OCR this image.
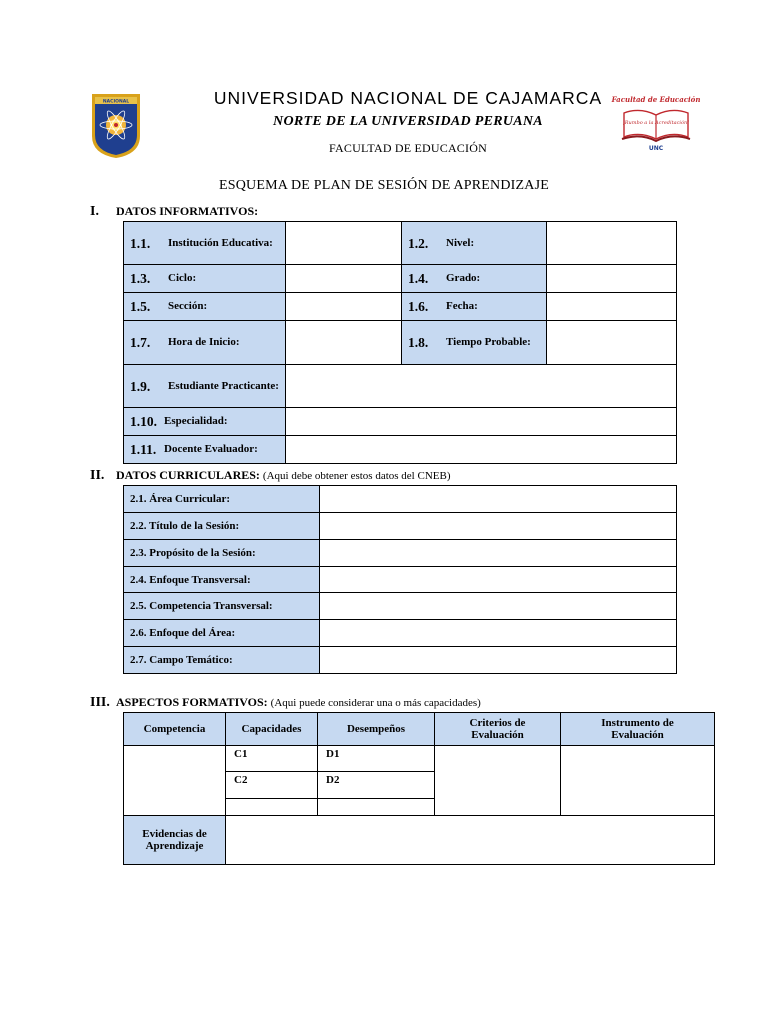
NACIONAL	Facultad de Educación
¡Rumbo a la Acreditación!
UNC
UNIVERSIDAD NACIONAL DE CAJAMARCA
NORTE DE LA UNIVERSIDAD PERUANA
FACULTAD DE EDUCACIÓN
ESQUEMA DE PLAN DE SESIÓN DE APRENDIZAJE
I. DATOS INFORMATIVOS:
1.1. Institución Educativa:		1.2. Nivel:	

1.3. Ciclo:		1.4. Grado:	

1.5. Sección:		1.6. Fecha:	

1.7. Hora de Inicio:		1.8. Tiempo Probable:	

1.9. Estudiante Practicante:			

1.10. Especialidad:			

1.11. Docente Evaluador:			

II. DATOS CURRICULARES: (Aqui debe obtener estos datos del CNEB)
2.1. Área Curricular:	
2.2. Título de la Sesión:	
2.3. Propósito de la Sesión:	
2.4. Enfoque Transversal:	
2.5. Competencia Transversal:	
2.6. Enfoque del Área:	
2.7. Campo Temático:	
III. ASPECTOS FORMATIVOS: (Aqui puede considerar una o más capacidades)
Competencia	Capacidades	Desempeños	Criterios de Evaluación	Instrumento de Evaluación
	C1	D1		
	C2	D2		

Evidencias de Aprendizaje				
